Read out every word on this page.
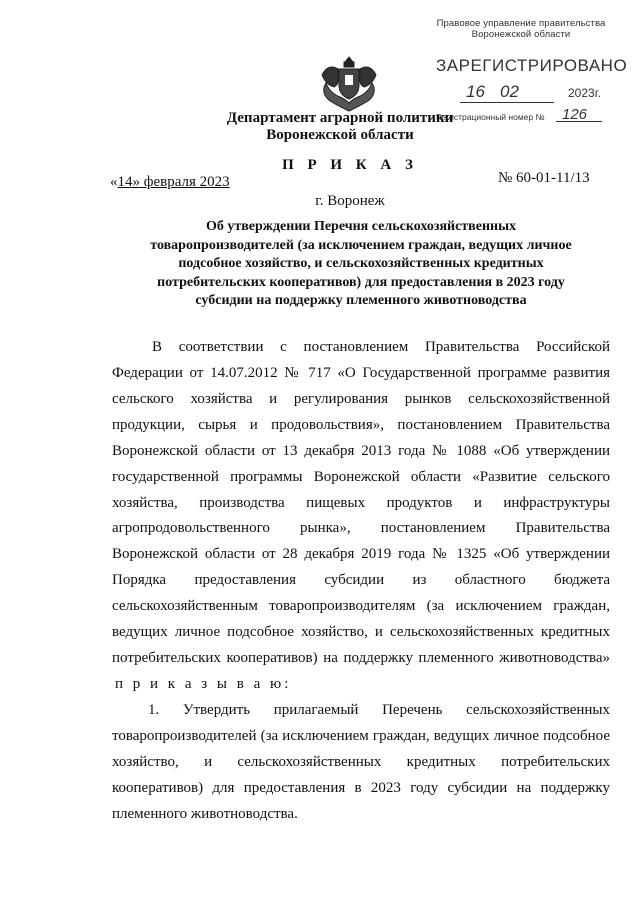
Правовое управление правительства
Воронежской области
ЗАРЕГИСТРИРОВАНО
16 02	2023г.
Регистрационный номер № 126
Департамент аграрной политики
Воронежской области
П Р И К А З
«14» февраля 2023	№ 60-01-11/13
г. Воронеж
Об утверждении Перечня сельскохозяйственных
товаропроизводителей (за исключением граждан, ведущих личное
подсобное хозяйство, и сельскохозяйственных кредитных
потребительских кооперативов) для предоставления в 2023 году
субсидии на поддержку племенного животноводства
В соответствии с постановлением Правительства Российской
Федерации от 14.07.2012 № 717 «О Государственной программе развития
сельского хозяйства и регулирования рынков сельскохозяйственной
продукции, сырья и продовольствия», постановлением Правительства
Воронежской области от 13 декабря 2013 года № 1088 «Об утверждении
государственной программы Воронежской области «Развитие сельского
хозяйства, производства пищевых продуктов и инфраструктуры
агропродовольственного рынка», постановлением Правительства
Воронежской области от 28 декабря 2019 года № 1325 «Об утверждении
Порядка предоставления субсидии из областного бюджета
сельскохозяйственным товаропроизводителям (за исключением граждан,
ведущих личное подсобное хозяйство, и сельскохозяйственных кредитных
потребительских кооперативов) на поддержку племенного животноводства»
п р и к а з ы в а ю:
1. Утвердить прилагаемый Перечень сельскохозяйственных
товаропроизводителей (за исключением граждан, ведущих личное подсобное
хозяйство, и сельскохозяйственных кредитных потребительских
кооперативов) для предоставления в 2023 году субсидии на поддержку
племенного животноводства.
